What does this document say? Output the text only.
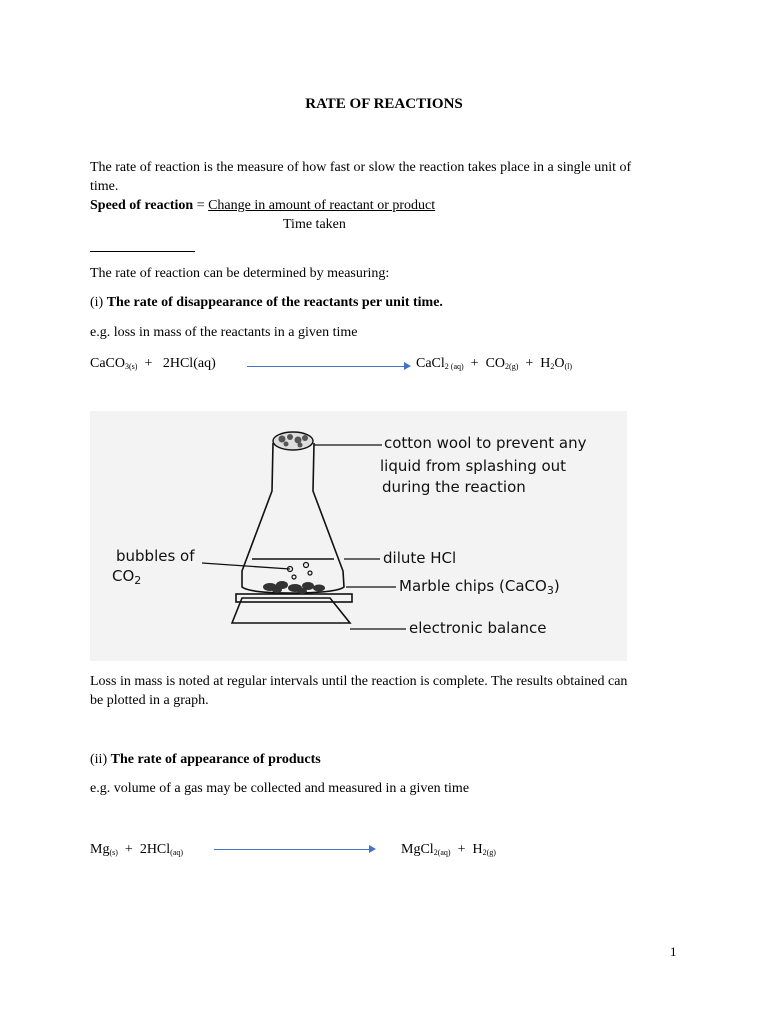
RATE OF REACTIONS
The rate of reaction is the measure of how fast or slow the reaction takes place in a single unit of
time.
Speed of reaction = Change in amount of reactant or product
Time taken
The rate of reaction can be determined by measuring:
(i) The rate of disappearance of the reactants per unit time.
e.g. loss in mass of the reactants in a given time
CaCO$_{3(s)}$  +   2HCl(aq)	CaCl$_{2 (aq)}$  +  $CO_{2(g)} + H_2O_{(l)}$
cotton wool to prevent any
liquid from splashing out
during the reaction
bubbles of
$CO_2$
dilute HCl
Marble chips (CaCO$_3$)
electronic balance
Loss in mass is noted at regular intervals until the reaction is complete. The results obtained can
be plotted in a graph.
(ii) The rate of appearance of products
e.g. volume of a gas may be collected and measured in a given time
$Mg_{(s)} + 2HCl_{(aq)}$	MgCl$_{2(aq)}$  +  $H_{2(g)}$
1
